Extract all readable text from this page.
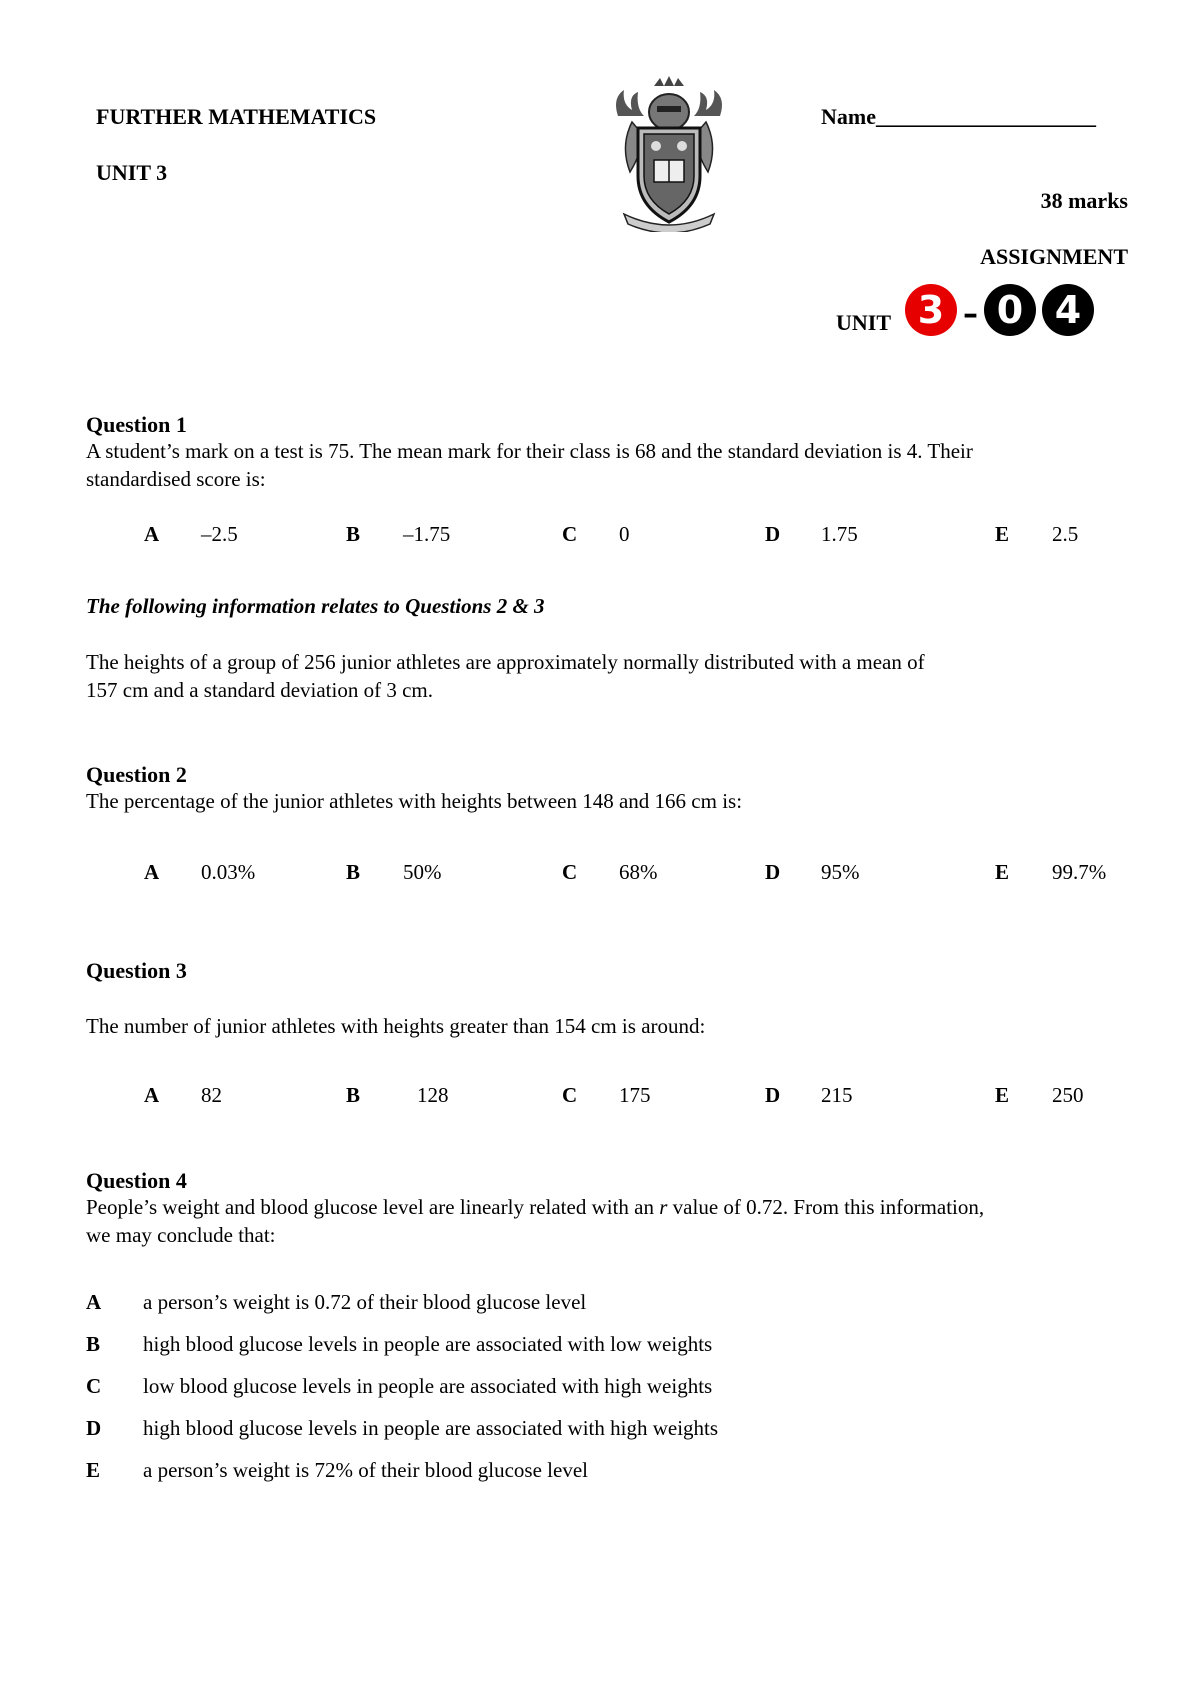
FURTHER MATHEMATICS
UNIT 3
Name____________________
38 marks
ASSIGNMENT
UNIT 3 – 0 4
Question 1
A student’s mark on a test is 75. The mean mark for their class is 68 and the standard deviation is 4. Their
standardised score is:
A –2.5	B –1.75	C 0	D 1.75	E 2.5
The following information relates to Questions 2 & 3
The heights of a group of 256 junior athletes are approximately normally distributed with a mean of
157 cm and a standard deviation of 3 cm.
Question 2
The percentage of the junior athletes with heights between 148 and 166 cm is:
A 0.03%	B 50%	C 68%	D 95%	E 99.7%
Question 3
The number of junior athletes with heights greater than 154 cm is around:
A 82	B	128	C 175	D 215	E 250
Question 4
People’s weight and blood glucose level are linearly related with an r value of 0.72. From this information,
we may conclude that:
A a person’s weight is 0.72 of their blood glucose level
B high blood glucose levels in people are associated with low weights
C low blood glucose levels in people are associated with high weights
D high blood glucose levels in people are associated with high weights
E a person’s weight is 72% of their blood glucose level
